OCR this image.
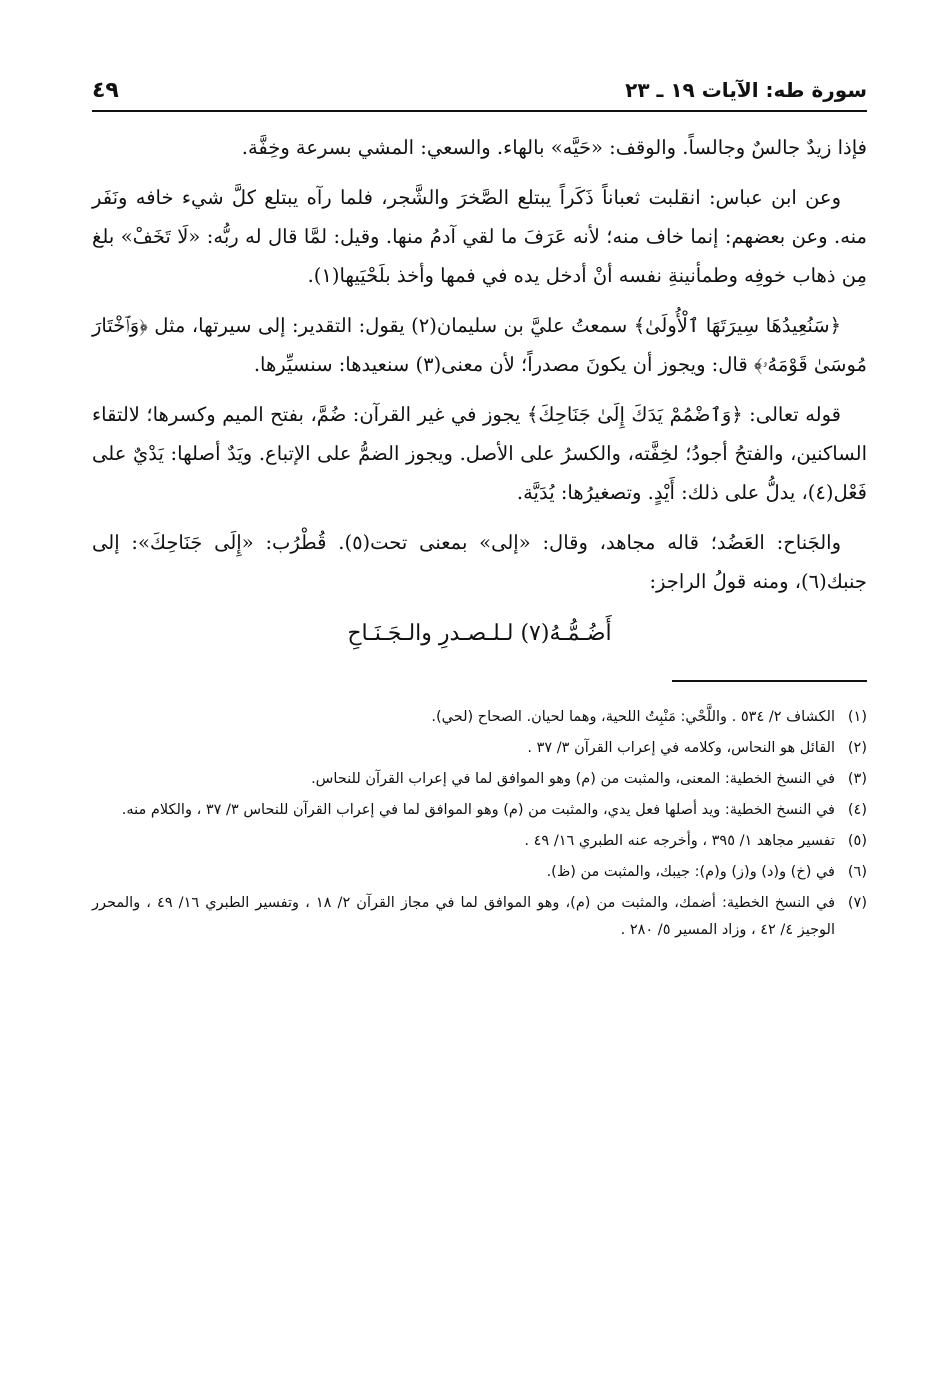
سورة طه: الآيات ١٩ ـ ٢٣
٤٩

فإذا زيدٌ جالسٌ وجالساً. والوقف: «حَيَّه» بالهاء. والسعي: المشي بسرعة وخِفَّة.

وعن ابن عباس: انقلبت ثعباناً ذَكَراً يبتلع الصَّخرَ والشَّجر، فلما رآه يبتلع كلَّ شيء خافه ونَفَر منه. وعن بعضهم: إنما خاف منه؛ لأنه عَرَفَ ما لقي آدمُ منها. وقيل: لمَّا قال له ربُّه: «لَا تَخَفْ» بلغ مِن ذهاب خوفِه وطمأنينةِ نفسه أنْ أدخل يده في فمها وأخذ بلَحْيَيها(١).

﴿سَنُعِيدُهَا سِيرَتَهَا ٱلْأُولَىٰ﴾ سمعتُ عليَّ بن سليمان(٢) يقول: التقدير: إلى سيرتها، مثل ﴿وَٱخْتَارَ مُوسَىٰ قَوْمَهُۥ﴾ قال: ويجوز أن يكونَ مصدراً؛ لأن معنى(٣) سنعيدها: سنسيِّرها.

قوله تعالى: ﴿وَٱضْمُمْ يَدَكَ إِلَىٰ جَنَاحِكَ﴾ يجوز في غير القرآن: ضُمَّ، بفتح الميم وكسرها؛ لالتقاء الساكنين، والفتحُ أجودُ؛ لخِفَّته، والكسرُ على الأصل. ويجوز الضمُّ على الإتباع. ويَدٌ أصلها: يَدْيٌ على فَعْل(٤)، يدلُّ على ذلك: أَيْدٍ. وتصغيرُها: يُدَيَّة.

والجَناح: العَضُد؛ قاله مجاهد، وقال: «إلى» بمعنى تحت(٥). قُطْرُب: «إِلَى جَنَاحِكَ»: إلى جنبك(٦)، ومنه قولُ الراجز:

أَضُـمُّـهُ(٧) لـلـصـدرِ والـجَـنَـاحِ

(١)
الكشاف ٢/ ٥٣٤ . واللَّحْي: مَنْبِتُ اللحية، وهما لحيان. الصحاح (لحي).

(٢)
القائل هو النحاس، وكلامه في إعراب القرآن ٣/ ٣٧ .

(٣)
في النسخ الخطية: المعنى، والمثبت من (م) وهو الموافق لما في إعراب القرآن للنحاس.

(٤)
في النسخ الخطية: ويد أصلها فعل يدي، والمثبت من (م) وهو الموافق لما في إعراب القرآن للنحاس ٣/ ٣٧ ، والكلام منه.

(٥)
تفسير مجاهد ١/ ٣٩٥ ، وأخرجه عنه الطبري ١٦/ ٤٩ .

(٦)
في (خ) و(د) و(ز) و(م): جيبك، والمثبت من (ظ).

(٧)
في النسخ الخطية: أضمك، والمثبت من (م)، وهو الموافق لما في مجاز القرآن ٢/ ١٨ ، وتفسير الطبري ١٦/ ٤٩ ، والمحرر الوجيز ٤/ ٤٢ ، وزاد المسير ٥/ ٢٨٠ .
